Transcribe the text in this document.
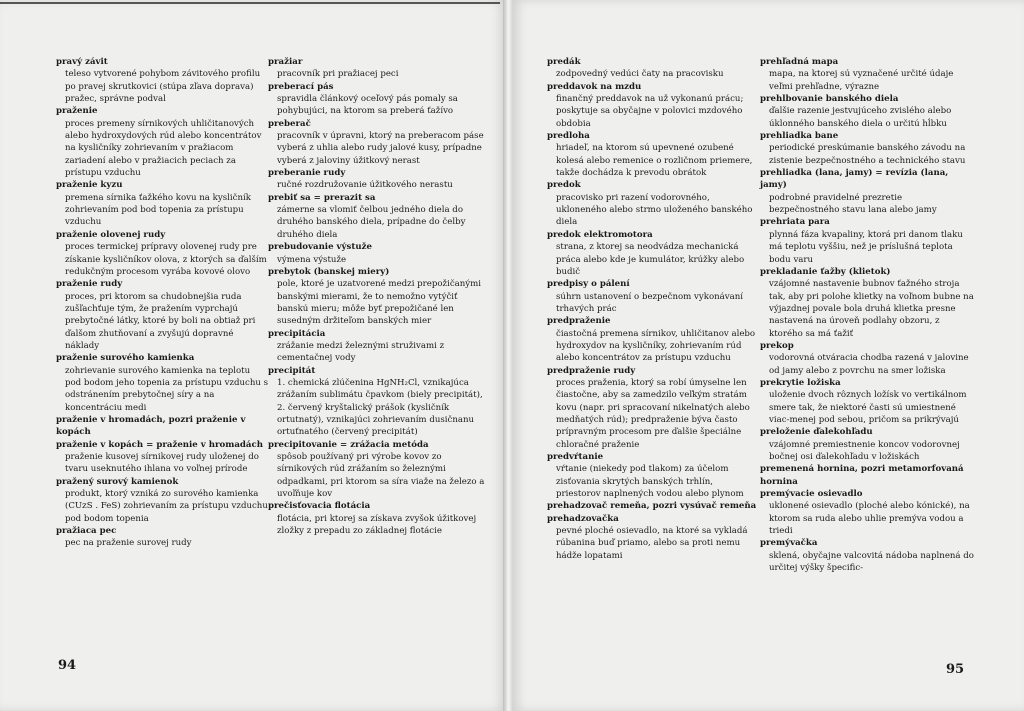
pravý závit
teleso vytvorené pohybom závitového profilu po pravej skrutkovici (stúpa zľava doprava)
pražec, správne podval
praženie
proces premeny sírnikových uhličitanových alebo hydroxydových rúd alebo koncentrátov na kysličníky zohrievaním v pražiacom zariadení alebo v pražiacich peciach za prístupu vzduchu
praženie kyzu
premena sírnika ťažkého kovu na kysličník zohrievaním pod bod topenia za prístupu vzduchu
praženie olovenej rudy
proces termickej prípravy olovenej rudy pre získanie kysličníkov olova, z ktorých sa ďalším redukčným procesom vyrába kovové olovo
praženie rudy
proces, pri ktorom sa chudobnejšia ruda zušľachťuje tým, že pražením vyprchajú prebytočné látky, ktoré by boli na obtiaž pri ďalšom zhutňovaní a zvyšujú dopravné náklady
praženie surového kamienka
zohrievanie surového kamienka na teplotu pod bodom jeho topenia za prístupu vzduchu s odstránením prebytočnej síry a na koncentráciu medi
praženie v hromadách, pozri praženie v kopách
praženie v kopách = praženie v hromadách
praženie kusovej sírnikovej rudy uloženej do tvaru useknutého ihlana vo voľnej prírode
pražený surový kamienok
produkt, ktorý vzniká zo surového kamienka (CUzS . FeS) zohrievaním za prístupu vzduchu pod bodom topenia
pražiaca pec
pec na praženie surovej rudy
pražiar
pracovník pri pražiacej peci
preberací pás
spravidla článkový oceľový pás pomaly sa pohybujúci, na ktorom sa preberá ťažívo
preberač
pracovník v úpravni, ktorý na preberacom páse vyberá z uhlia alebo rudy jalové kusy, prípadne vyberá z jaloviny úžitkový nerast
preberanie rudy
ručné rozdružovanie úžitkového nerastu
prebiť sa = prerazit sa
zámerne sa vlomiť čelbou jedného diela do druhého banského diela, prípadne do čelby druhého diela
prebudovanie výstuže
výmena výstuže
prebytok (banskej miery)
pole, ktoré je uzatvorené medzi prepožičanými banskými mierami, že to nemožno vytýčiť banskú mieru; môže byť prepožičané len susedným držiteľom banských mier
precipitácia
zrážanie medzi železnými struživami z cementačnej vody
precipitát
1. chemická zlúčenina HgNH₂Cl, vznikajúca zrážaním sublimátu čpavkom (biely precipitát), 2. červený kryštalický prášok (kysličník ortutnatý), vznikajúci zohrievaním dusičnanu ortuťnatého (červený precipitát)
precipitovanie = zrážacia metóda
spôsob používaný pri výrobe kovov zo sírnikových rúd zrážaním so železnými odpadkami, pri ktorom sa síra viaže na železo a uvoľňuje kov
prečisťovacia flotácia
flotácia, pri ktorej sa získava zvyšok úžitkovej zložky z prepadu zo základnej flotácie
94
predák
zodpovedný vedúci čaty na pracovisku
preddavok na mzdu
finančný preddavok na už vykonanú prácu; poskytuje sa obyčajne v polovici mzdového obdobia
predloha
hriadeľ, na ktorom sú upevnené ozubené kolesá alebo remenice o rozličnom priemere, takže dochádza k prevodu obrátok
predok
pracovisko pri razení vodorovného, ukloneného alebo strmo uloženého banského diela
predok elektromotora
strana, z ktorej sa neodvádza mechanická práca alebo kde je kumulátor, krúžky alebo budič
predpisy o pálení
súhrn ustanovení o bezpečnom vykonávaní trhavých prác
predpraženie
čiastočná premena sírnikov, uhličitanov alebo hydroxydov na kysličníky, zohrievaním rúd alebo koncentrátov za prístupu vzduchu
predpraženie rudy
proces praženia, ktorý sa robí úmyselne len čiastočne, aby sa zamedzilo veľkým stratám kovu (napr. pri spracovaní nikelnatých alebo medňatých rúd); predpraženie býva často prípravným procesom pre ďalšie špeciálne chloračné praženie
predvŕtanie
vŕtanie (niekedy pod tlakom) za účelom zisťovania skrytých banských trhlín, priestorov naplnených vodou alebo plynom
prehadzovač remeňa, pozri vysúvač remeňa
prehadzovačka
pevné ploché osievadlo, na ktoré sa vykladá rúbanina buď priamo, alebo sa proti nemu hádže lopatami
prehľadná mapa
mapa, na ktorej sú vyznačené určité údaje veľmi prehľadne, výrazne
prehlbovanie banského diela
ďalšie razenie jestvujúceho zvislého alebo úklonného banského diela o určitú hĺbku
prehliadka bane
periodické preskúmanie banského závodu na zistenie bezpečnostného a technického stavu
prehliadka (lana, jamy) = revízia (lana, jamy)
podrobné pravidelné prezretie bezpečnostného stavu lana alebo jamy
prehriata para
plynná fáza kvapaliny, ktorá pri danom tlaku má teplotu vyššiu, než je príslušná teplota bodu varu
prekladanie ťažby (klietok)
vzájomné nastavenie bubnov ťažného stroja tak, aby pri polohe klietky na voľnom bubne na výjazdnej povale bola druhá klietka presne nastavená na úroveň podlahy obzoru, z ktorého sa má ťažiť
prekop
vodorovná otváracia chodba razená v jalovine od jamy alebo z povrchu na smer ložiska
prekrytie ložiska
uloženie dvoch rôznych ložísk vo vertikálnom smere tak, že niektoré časti sú umiestnené viac-menej pod sebou, pričom sa prikrývajú
preloženie ďalekohľadu
vzájomné premiestnenie koncov vodorovnej bočnej osi ďalekohľadu v ložiskách
premenená hornina, pozri metamorfovaná hornina
premývacie osievadlo
uklonené osievadlo (ploché alebo kónické), na ktorom sa ruda alebo uhlie premýva vodou a triedi
premývačka
sklená, obyčajne valcovitá nádoba naplnená do určitej výšky špecific-
95
